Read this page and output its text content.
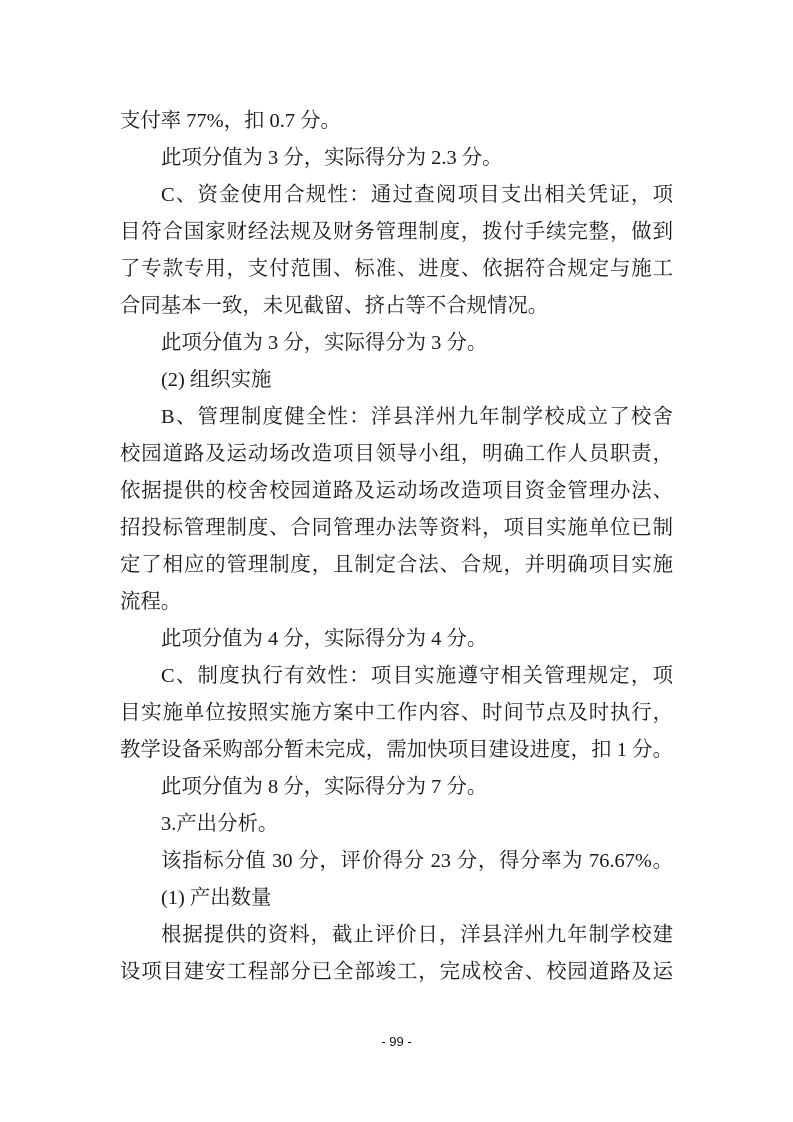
支付率 77%，扣 0.7 分。
此项分值为 3 分，实际得分为 2.3 分。
C、资金使用合规性：通过查阅项目支出相关凭证，项
目符合国家财经法规及财务管理制度，拨付手续完整，做到
了专款专用，支付范围、标准、进度、依据符合规定与施工
合同基本一致，未见截留、挤占等不合规情况。
此项分值为 3 分，实际得分为 3 分。
(2) 组织实施
B、管理制度健全性：洋县洋州九年制学校成立了校舍
校园道路及运动场改造项目领导小组，明确工作人员职责，
依据提供的校舍校园道路及运动场改造项目资金管理办法、
招投标管理制度、合同管理办法等资料，项目实施单位已制
定了相应的管理制度，且制定合法、合规，并明确项目实施
流程。
此项分值为 4 分，实际得分为 4 分。
C、制度执行有效性：项目实施遵守相关管理规定，项
目实施单位按照实施方案中工作内容、时间节点及时执行，
教学设备采购部分暂未完成，需加快项目建设进度，扣 1 分。
此项分值为 8 分，实际得分为 7 分。
3.产出分析。
该指标分值 30 分，评价得分 23 分，得分率为 76.67%。
(1) 产出数量
根据提供的资料，截止评价日，洋县洋州九年制学校建
设项目建安工程部分已全部竣工，完成校舍、校园道路及运
- 99 -
